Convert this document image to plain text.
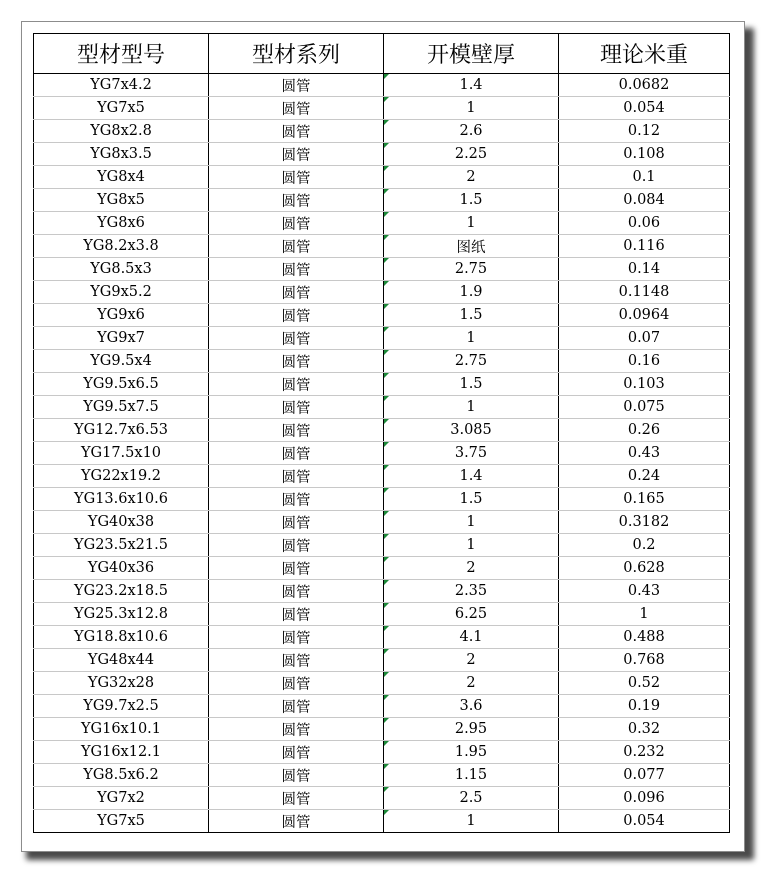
型材型号	型材系列	开模壁厚	理论米重
YG7x4.2	圆管	1.4	0.0682
YG7x5	圆管	1	0.054
YG8x2.8	圆管	2.6	0.12
YG8x3.5	圆管	2.25	0.108
YG8x4	圆管	2	0.1
YG8x5	圆管	1.5	0.084
YG8x6	圆管	1	0.06
YG8.2x3.8	圆管	图纸	0.116
YG8.5x3	圆管	2.75	0.14
YG9x5.2	圆管	1.9	0.1148
YG9x6	圆管	1.5	0.0964
YG9x7	圆管	1	0.07
YG9.5x4	圆管	2.75	0.16
YG9.5x6.5	圆管	1.5	0.103
YG9.5x7.5	圆管	1	0.075
YG12.7x6.53	圆管	3.085	0.26
YG17.5x10	圆管	3.75	0.43
YG22x19.2	圆管	1.4	0.24
YG13.6x10.6	圆管	1.5	0.165
YG40x38	圆管	1	0.3182
YG23.5x21.5	圆管	1	0.2
YG40x36	圆管	2	0.628
YG23.2x18.5	圆管	2.35	0.43
YG25.3x12.8	圆管	6.25	1
YG18.8x10.6	圆管	4.1	0.488
YG48x44	圆管	2	0.768
YG32x28	圆管	2	0.52
YG9.7x2.5	圆管	3.6	0.19
YG16x10.1	圆管	2.95	0.32
YG16x12.1	圆管	1.95	0.232
YG8.5x6.2	圆管	1.15	0.077
YG7x2	圆管	2.5	0.096
YG7x5	圆管	1	0.054
